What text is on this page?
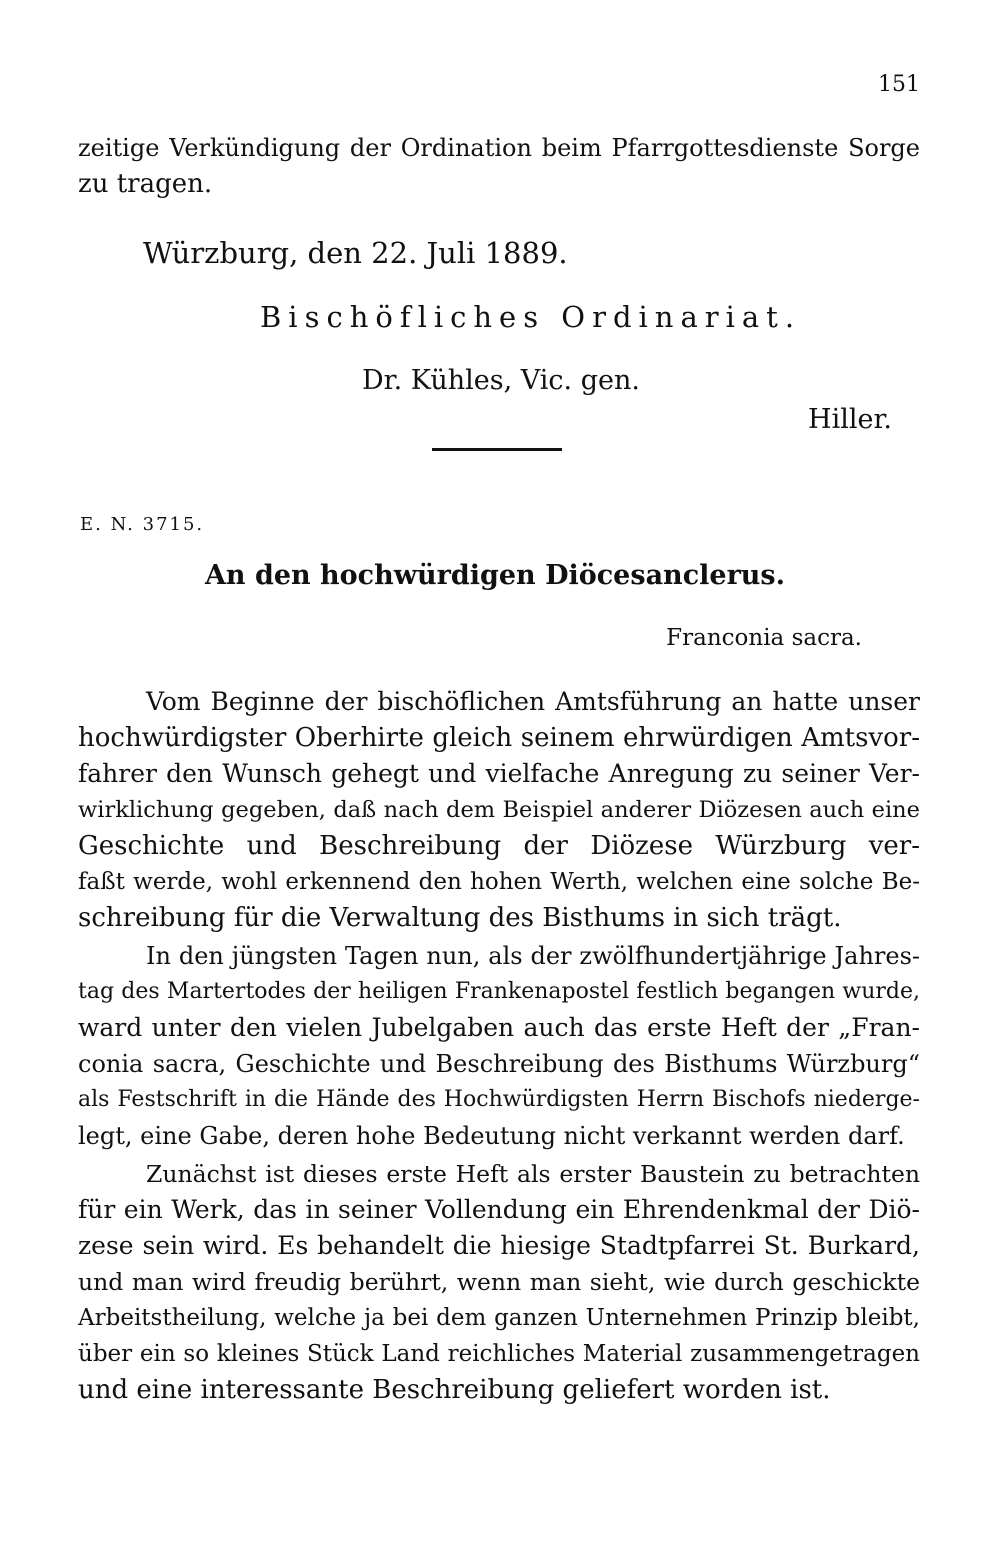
151

zeitige Verkündigung der Ordination beim Pfarrgottesdienste Sorge

zu tragen.

Würzburg, den 22. Juli 1889.
Bischöfliches Ordinariat.
Dr. Kühles, Vic. gen.
Hiller.
E. N. 3715.
An den hochwürdigen Diöcesanclerus.
Franconia sacra.

Vom Beginne der bischöflichen Amtsführung an hatte unser

hochwürdigster Oberhirte gleich seinem ehrwürdigen Amtsvor-

fahrer den Wunsch gehegt und vielfache Anregung zu seiner Ver-

wirklichung gegeben, daß nach dem Beispiel anderer Diözesen auch eine

Geschichte und Beschreibung der Diözese Würzburg ver-

faßt werde, wohl erkennend den hohen Werth, welchen eine solche Be-

schreibung für die Verwaltung des Bisthums in sich trägt.

In den jüngsten Tagen nun, als der zwölfhundertjährige Jahres-

tag des Martertodes der heiligen Frankenapostel festlich begangen wurde,

ward unter den vielen Jubelgaben auch das erste Heft der „Fran-

conia sacra, Geschichte und Beschreibung des Bisthums Würzburg“

als Festschrift in die Hände des Hochwürdigsten Herrn Bischofs niederge-

legt, eine Gabe, deren hohe Bedeutung nicht verkannt werden darf.

Zunächst ist dieses erste Heft als erster Baustein zu betrachten

für ein Werk, das in seiner Vollendung ein Ehrendenkmal der Diö-

zese sein wird. Es behandelt die hiesige Stadtpfarrei St. Burkard,

und man wird freudig berührt, wenn man sieht, wie durch geschickte

Arbeitstheilung, welche ja bei dem ganzen Unternehmen Prinzip bleibt,

über ein so kleines Stück Land reichliches Material zusammengetragen

und eine interessante Beschreibung geliefert worden ist.
